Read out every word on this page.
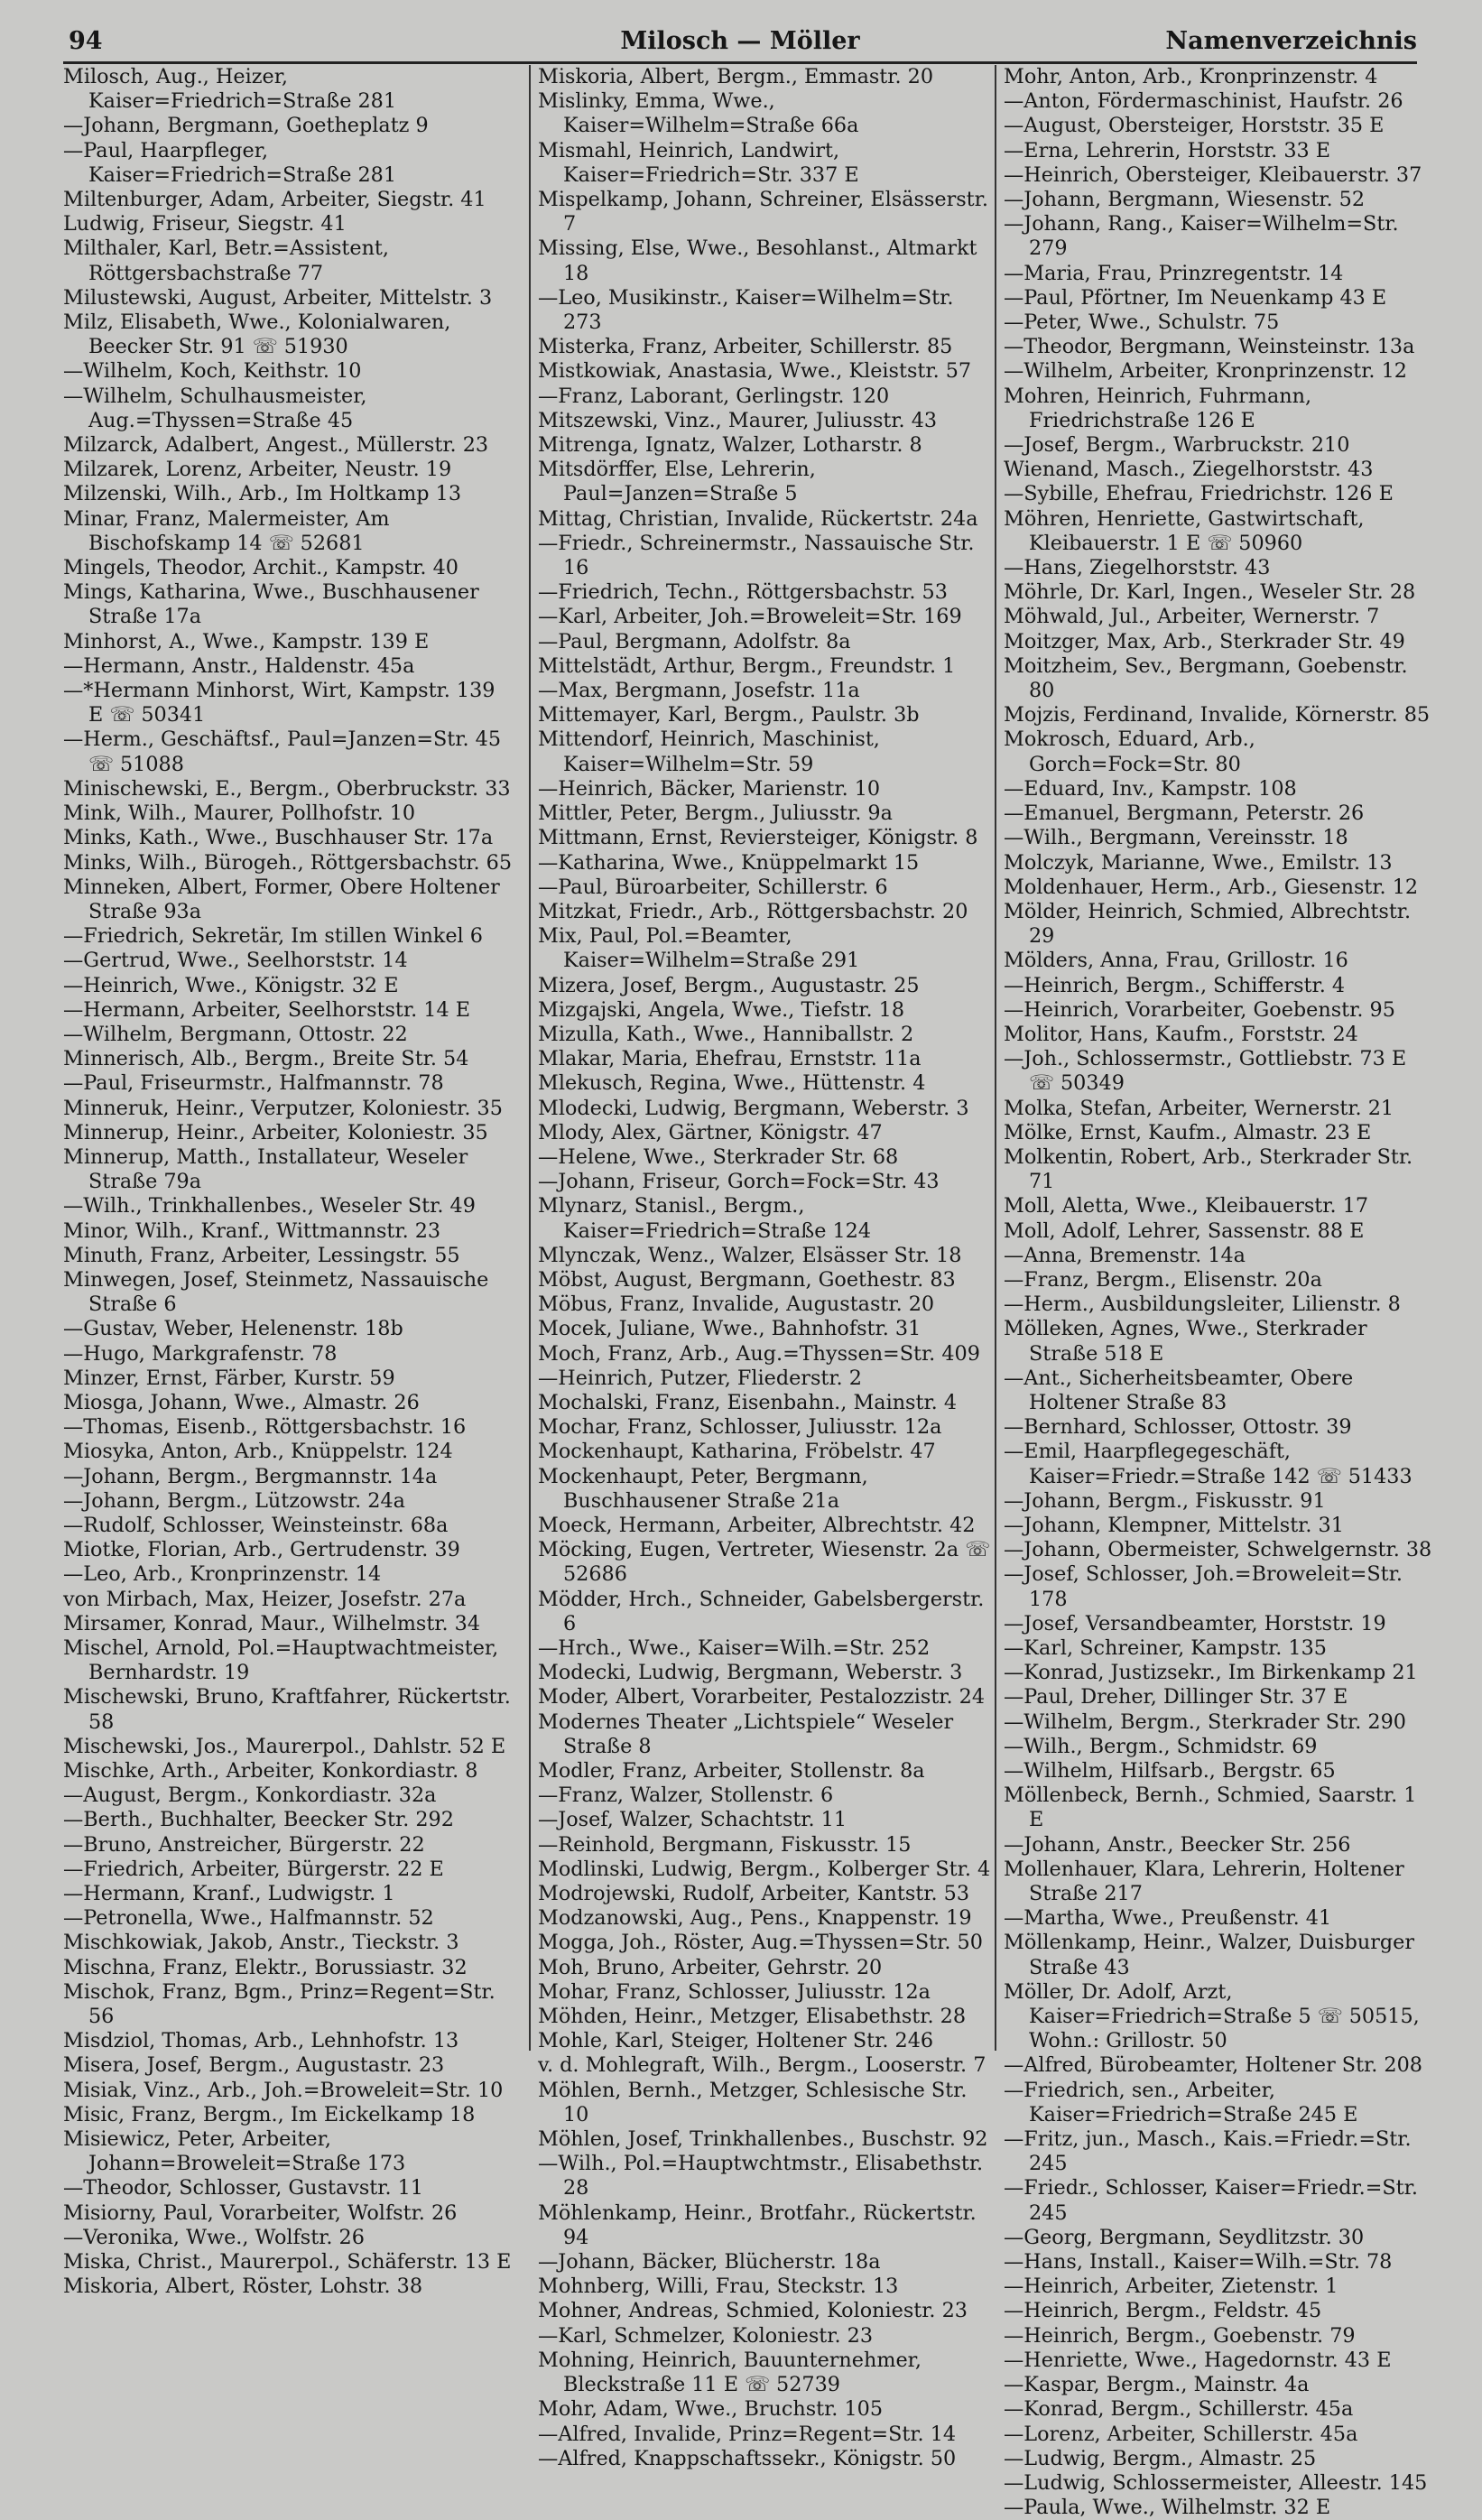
94	Milosch — Möller	Namenverzeichnis
Milosch, Aug., Heizer, Kaiser=Friedrich=Straße 281
—Johann, Bergmann, Goetheplatz 9
—Paul, Haarpfleger, Kaiser=Friedrich=Straße 281
Miltenburger, Adam, Arbeiter, Siegstr. 41
Ludwig, Friseur, Siegstr. 41
Milthaler, Karl, Betr.=Assistent, Röttgersbachstraße 77
Milustewski, August, Arbeiter, Mittelstr. 3
Milz, Elisabeth, Wwe., Kolonialwaren, Beecker Str. 91 ☏ 51930
—Wilhelm, Koch, Keithstr. 10
—Wilhelm, Schulhausmeister, Aug.=Thyssen=Straße 45
Milzarck, Adalbert, Angest., Müllerstr. 23
Milzarek, Lorenz, Arbeiter, Neustr. 19
Milzenski, Wilh., Arb., Im Holtkamp 13
Minar, Franz, Malermeister, Am Bischofskamp 14 ☏ 52681
Mingels, Theodor, Archit., Kampstr. 40
Mings, Katharina, Wwe., Buschhausener Straße 17a
Minhorst, A., Wwe., Kampstr. 139 E
—Hermann, Anstr., Haldenstr. 45a
—*Hermann Minhorst, Wirt, Kampstr. 139 E ☏ 50341
—Herm., Geschäftsf., Paul=Janzen=Str. 45 ☏ 51088
Minischewski, E., Bergm., Oberbruckstr. 33
Mink, Wilh., Maurer, Pollhofstr. 10
Minks, Kath., Wwe., Buschhauser Str. 17a
Minks, Wilh., Bürogeh., Röttgersbachstr. 65
Minneken, Albert, Former, Obere Holtener Straße 93a
—Friedrich, Sekretär, Im stillen Winkel 6
—Gertrud, Wwe., Seelhorststr. 14
—Heinrich, Wwe., Königstr. 32 E
—Hermann, Arbeiter, Seelhorststr. 14 E
—Wilhelm, Bergmann, Ottostr. 22
Minnerisch, Alb., Bergm., Breite Str. 54
—Paul, Friseurmstr., Halfmannstr. 78
Minneruk, Heinr., Verputzer, Koloniestr. 35
Minnerup, Heinr., Arbeiter, Koloniestr. 35
Minnerup, Matth., Installateur, Weseler Straße 79a
—Wilh., Trinkhallenbes., Weseler Str. 49
Minor, Wilh., Kranf., Wittmannstr. 23
Minuth, Franz, Arbeiter, Lessingstr. 55
Minwegen, Josef, Steinmetz, Nassauische Straße 6
—Gustav, Weber, Helenenstr. 18b
—Hugo, Markgrafenstr. 78
Minzer, Ernst, Färber, Kurstr. 59
Miosga, Johann, Wwe., Almastr. 26
—Thomas, Eisenb., Röttgersbachstr. 16
Miosyka, Anton, Arb., Knüppelstr. 124
—Johann, Bergm., Bergmannstr. 14a
—Johann, Bergm., Lützowstr. 24a
—Rudolf, Schlosser, Weinsteinstr. 68a
Miotke, Florian, Arb., Gertrudenstr. 39
—Leo, Arb., Kronprinzenstr. 14
von Mirbach, Max, Heizer, Josefstr. 27a
Mirsamer, Konrad, Maur., Wilhelmstr. 34
Mischel, Arnold, Pol.=Hauptwachtmeister, Bernhardstr. 19
Mischewski, Bruno, Kraftfahrer, Rückertstr. 58
Mischewski, Jos., Maurerpol., Dahlstr. 52 E
Mischke, Arth., Arbeiter, Konkordiastr. 8
—August, Bergm., Konkordiastr. 32a
—Berth., Buchhalter, Beecker Str. 292
—Bruno, Anstreicher, Bürgerstr. 22
—Friedrich, Arbeiter, Bürgerstr. 22 E
—Hermann, Kranf., Ludwigstr. 1
—Petronella, Wwe., Halfmannstr. 52
Mischkowiak, Jakob, Anstr., Tieckstr. 3
Mischna, Franz, Elektr., Borussiastr. 32
Mischok, Franz, Bgm., Prinz=Regent=Str. 56
Misdziol, Thomas, Arb., Lehnhofstr. 13
Misera, Josef, Bergm., Augustastr. 23
Misiak, Vinz., Arb., Joh.=Broweleit=Str. 10
Misic, Franz, Bergm., Im Eickelkamp 18
Misiewicz, Peter, Arbeiter, Johann=Broweleit=Straße 173
—Theodor, Schlosser, Gustavstr. 11
Misiorny, Paul, Vorarbeiter, Wolfstr. 26
—Veronika, Wwe., Wolfstr. 26
Miska, Christ., Maurerpol., Schäferstr. 13 E
Miskoria, Albert, Röster, Lohstr. 38
Miskoria, Albert, Bergm., Emmastr. 20
Mislinky, Emma, Wwe., Kaiser=Wilhelm=Straße 66a
Mismahl, Heinrich, Landwirt, Kaiser=Friedrich=Str. 337 E
Mispelkamp, Johann, Schreiner, Elsässerstr. 7
Missing, Else, Wwe., Besohlanst., Altmarkt 18
—Leo, Musikinstr., Kaiser=Wilhelm=Str. 273
Misterka, Franz, Arbeiter, Schillerstr. 85
Mistkowiak, Anastasia, Wwe., Kleiststr. 57
—Franz, Laborant, Gerlingstr. 120
Mitszewski, Vinz., Maurer, Juliusstr. 43
Mitrenga, Ignatz, Walzer, Lotharstr. 8
Mitsdörffer, Else, Lehrerin, Paul=Janzen=Straße 5
Mittag, Christian, Invalide, Rückertstr. 24a
—Friedr., Schreinermstr., Nassauische Str. 16
—Friedrich, Techn., Röttgersbachstr. 53
—Karl, Arbeiter, Joh.=Broweleit=Str. 169
—Paul, Bergmann, Adolfstr. 8a
Mittelstädt, Arthur, Bergm., Freundstr. 1
—Max, Bergmann, Josefstr. 11a
Mittemayer, Karl, Bergm., Paulstr. 3b
Mittendorf, Heinrich, Maschinist, Kaiser=Wilhelm=Str. 59
—Heinrich, Bäcker, Marienstr. 10
Mittler, Peter, Bergm., Juliusstr. 9a
Mittmann, Ernst, Reviersteiger, Königstr. 8
—Katharina, Wwe., Knüppelmarkt 15
—Paul, Büroarbeiter, Schillerstr. 6
Mitzkat, Friedr., Arb., Röttgersbachstr. 20
Mix, Paul, Pol.=Beamter, Kaiser=Wilhelm=Straße 291
Mizera, Josef, Bergm., Augustastr. 25
Mizgajski, Angela, Wwe., Tiefstr. 18
Mizulla, Kath., Wwe., Hanniballstr. 2
Mlakar, Maria, Ehefrau, Ernststr. 11a
Mlekusch, Regina, Wwe., Hüttenstr. 4
Mlodecki, Ludwig, Bergmann, Weberstr. 3
Mlody, Alex, Gärtner, Königstr. 47
—Helene, Wwe., Sterkrader Str. 68
—Johann, Friseur, Gorch=Fock=Str. 43
Mlynarz, Stanisl., Bergm., Kaiser=Friedrich=Straße 124
Mlynczak, Wenz., Walzer, Elsässer Str. 18
Möbst, August, Bergmann, Goethestr. 83
Möbus, Franz, Invalide, Augustastr. 20
Mocek, Juliane, Wwe., Bahnhofstr. 31
Moch, Franz, Arb., Aug.=Thyssen=Str. 409
—Heinrich, Putzer, Fliederstr. 2
Mochalski, Franz, Eisenbahn., Mainstr. 4
Mochar, Franz, Schlosser, Juliusstr. 12a
Mockenhaupt, Katharina, Fröbelstr. 47
Mockenhaupt, Peter, Bergmann, Buschhausener Straße 21a
Moeck, Hermann, Arbeiter, Albrechtstr. 42
Möcking, Eugen, Vertreter, Wiesenstr. 2a ☏ 52686
Mödder, Hrch., Schneider, Gabelsbergerstr. 6
—Hrch., Wwe., Kaiser=Wilh.=Str. 252
Modecki, Ludwig, Bergmann, Weberstr. 3
Moder, Albert, Vorarbeiter, Pestalozzistr. 24
Modernes Theater „Lichtspiele“ Weseler Straße 8
Modler, Franz, Arbeiter, Stollenstr. 8a
—Franz, Walzer, Stollenstr. 6
—Josef, Walzer, Schachtstr. 11
—Reinhold, Bergmann, Fiskusstr. 15
Modlinski, Ludwig, Bergm., Kolberger Str. 4
Modrojewski, Rudolf, Arbeiter, Kantstr. 53
Modzanowski, Aug., Pens., Knappenstr. 19
Mogga, Joh., Röster, Aug.=Thyssen=Str. 50
Moh, Bruno, Arbeiter, Gehrstr. 20
Mohar, Franz, Schlosser, Juliusstr. 12a
Möhden, Heinr., Metzger, Elisabethstr. 28
Mohle, Karl, Steiger, Holtener Str. 246
v. d. Mohlegraft, Wilh., Bergm., Looserstr. 7
Möhlen, Bernh., Metzger, Schlesische Str. 10
Möhlen, Josef, Trinkhallenbes., Buschstr. 92
—Wilh., Pol.=Hauptwchtmstr., Elisabethstr. 28
Möhlenkamp, Heinr., Brotfahr., Rückertstr. 94
—Johann, Bäcker, Blücherstr. 18a
Mohnberg, Willi, Frau, Steckstr. 13
Mohner, Andreas, Schmied, Koloniestr. 23
—Karl, Schmelzer, Koloniestr. 23
Mohning, Heinrich, Bauunternehmer, Bleckstraße 11 E ☏ 52739
Mohr, Adam, Wwe., Bruchstr. 105
—Alfred, Invalide, Prinz=Regent=Str. 14
—Alfred, Knappschaftssekr., Königstr. 50
Mohr, Anton, Arb., Kronprinzenstr. 4
—Anton, Fördermaschinist, Haufstr. 26
—August, Obersteiger, Horststr. 35 E
—Erna, Lehrerin, Horststr. 33 E
—Heinrich, Obersteiger, Kleibauerstr. 37
—Johann, Bergmann, Wiesenstr. 52
—Johann, Rang., Kaiser=Wilhelm=Str. 279
—Maria, Frau, Prinzregentstr. 14
—Paul, Pförtner, Im Neuenkamp 43 E
—Peter, Wwe., Schulstr. 75
—Theodor, Bergmann, Weinsteinstr. 13a
—Wilhelm, Arbeiter, Kronprinzenstr. 12
Mohren, Heinrich, Fuhrmann, Friedrichstraße 126 E
—Josef, Bergm., Warbruckstr. 210
Wienand, Masch., Ziegelhorststr. 43
—Sybille, Ehefrau, Friedrichstr. 126 E
Möhren, Henriette, Gastwirtschaft, Kleibauerstr. 1 E ☏ 50960
—Hans, Ziegelhorststr. 43
Möhrle, Dr. Karl, Ingen., Weseler Str. 28
Möhwald, Jul., Arbeiter, Wernerstr. 7
Moitzger, Max, Arb., Sterkrader Str. 49
Moitzheim, Sev., Bergmann, Goebenstr. 80
Mojzis, Ferdinand, Invalide, Körnerstr. 85
Mokrosch, Eduard, Arb., Gorch=Fock=Str. 80
—Eduard, Inv., Kampstr. 108
—Emanuel, Bergmann, Peterstr. 26
—Wilh., Bergmann, Vereinsstr. 18
Molczyk, Marianne, Wwe., Emilstr. 13
Moldenhauer, Herm., Arb., Giesenstr. 12
Mölder, Heinrich, Schmied, Albrechtstr. 29
Mölders, Anna, Frau, Grillostr. 16
—Heinrich, Bergm., Schifferstr. 4
—Heinrich, Vorarbeiter, Goebenstr. 95
Molitor, Hans, Kaufm., Forststr. 24
—Joh., Schlossermstr., Gottliebstr. 73 E ☏ 50349
Molka, Stefan, Arbeiter, Wernerstr. 21
Mölke, Ernst, Kaufm., Almastr. 23 E
Molkentin, Robert, Arb., Sterkrader Str. 71
Moll, Aletta, Wwe., Kleibauerstr. 17
Moll, Adolf, Lehrer, Sassenstr. 88 E
—Anna, Bremenstr. 14a
—Franz, Bergm., Elisenstr. 20a
—Herm., Ausbildungsleiter, Lilienstr. 8
Mölleken, Agnes, Wwe., Sterkrader Straße 518 E
—Ant., Sicherheitsbeamter, Obere Holtener Straße 83
—Bernhard, Schlosser, Ottostr. 39
—Emil, Haarpflegegeschäft, Kaiser=Friedr.=Straße 142 ☏ 51433
—Johann, Bergm., Fiskusstr. 91
—Johann, Klempner, Mittelstr. 31
—Johann, Obermeister, Schwelgernstr. 38
—Josef, Schlosser, Joh.=Broweleit=Str. 178
—Josef, Versandbeamter, Horststr. 19
—Karl, Schreiner, Kampstr. 135
—Konrad, Justizsekr., Im Birkenkamp 21
—Paul, Dreher, Dillinger Str. 37 E
—Wilhelm, Bergm., Sterkrader Str. 290
—Wilh., Bergm., Schmidstr. 69
—Wilhelm, Hilfsarb., Bergstr. 65
Möllenbeck, Bernh., Schmied, Saarstr. 1 E
—Johann, Anstr., Beecker Str. 256
Mollenhauer, Klara, Lehrerin, Holtener Straße 217
—Martha, Wwe., Preußenstr. 41
Möllenkamp, Heinr., Walzer, Duisburger Straße 43
Möller, Dr. Adolf, Arzt, Kaiser=Friedrich=Straße 5 ☏ 50515, Wohn.: Grillostr. 50
—Alfred, Bürobeamter, Holtener Str. 208
—Friedrich, sen., Arbeiter, Kaiser=Friedrich=Straße 245 E
—Fritz, jun., Masch., Kais.=Friedr.=Str. 245
—Friedr., Schlosser, Kaiser=Friedr.=Str. 245
—Georg, Bergmann, Seydlitzstr. 30
—Hans, Install., Kaiser=Wilh.=Str. 78
—Heinrich, Arbeiter, Zietenstr. 1
—Heinrich, Bergm., Feldstr. 45
—Heinrich, Bergm., Goebenstr. 79
—Henriette, Wwe., Hagedornstr. 43 E
—Kaspar, Bergm., Mainstr. 4a
—Konrad, Bergm., Schillerstr. 45a
—Lorenz, Arbeiter, Schillerstr. 45a
—Ludwig, Bergm., Almastr. 25
—Ludwig, Schlossermeister, Alleestr. 145
—Paula, Wwe., Wilhelmstr. 32 E
